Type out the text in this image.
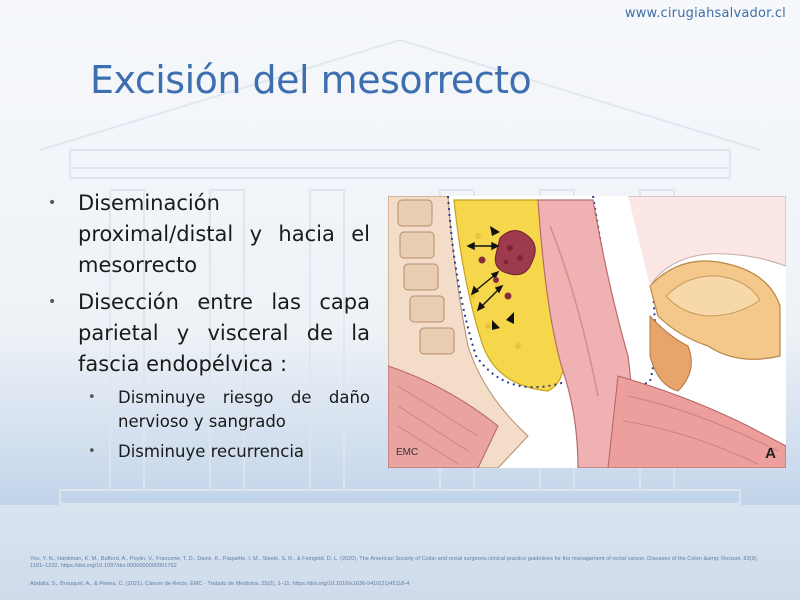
www.cirugiahsalvador.cl
Excisión del mesorrecto
• Diseminación proximal/distal y hacia el mesorrecto
• Disección entre las capa parietal y visceral de la fascia endopélvica :
• Disminuye riesgo de daño nervioso y sangrado
• Disminuye recurrencia	EMC	A

You, Y. N., Hardiman, K. M., Bafford, A., Poylin, V., Francone, T. D., Davis, K., Paquette, I. M., Steele, S. R., & Feingold, D. L. (2020). The American Society of Colon and rectal surgeons clinical practice guidelines for the management of rectal cancer. Diseases of the Colon &amp; Rectum, 63(9), 1191–1222. https://doi.org/10.1097/dcr.0000000000001762

Abdalla, S., Brouquet, A., & Penna, C. (2021). Cáncer de Recto. EMC - Tratado de Medicina, 25(2), 1–11. https://doi.org/10.1016/s1636-5410(21)45118-4
